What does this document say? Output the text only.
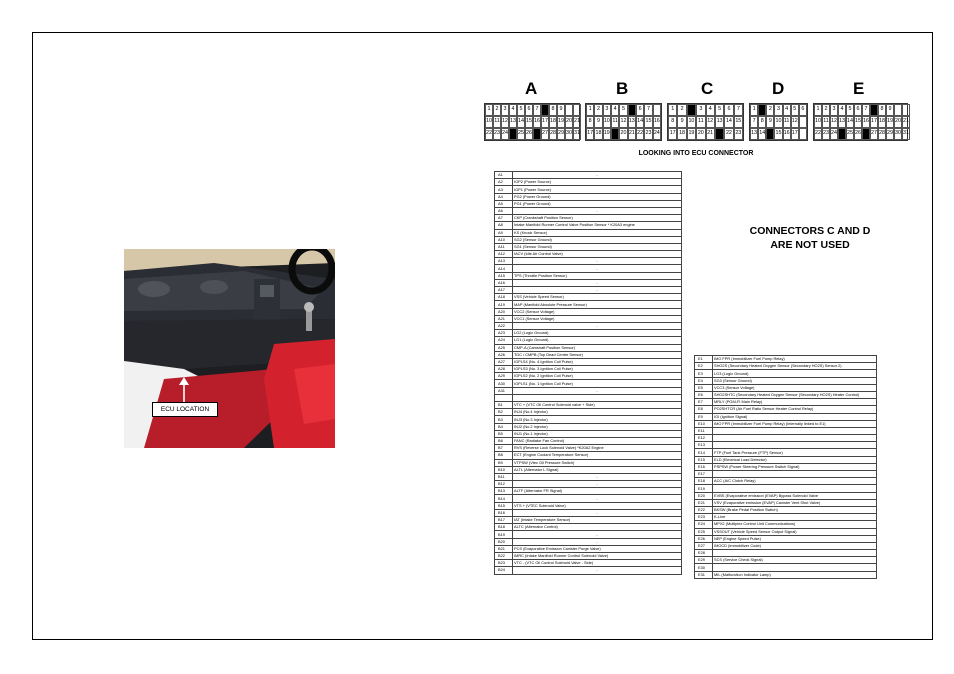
ECU LOCATION
A
1 2 3 4 5 6 7	8 9
10 11 12 13 14 15 16 17 18 19 20 21
22 23 24 25 26 27 28 29 30 31
B
1 2 3 4 5	6 7
8 9 10 11 12 13 14 15 16
17 18 19 20 21 22 23 24
C
1	2	3	4	5	6	7
8	9 10 11 12 13 14 15
17 18 19 20 21	22 23
D
1	2 3 4 5 6
7 8 9 10 11 12
13 14 15 16 17
E
1 2 3 4 5 6 7	8 9
10 11 12 13 14 15 16 17 18 19 20 21
22 23 24 25 26 27 28 29 30 31
LOOKING INTO ECU CONNECTOR
CONNECTORS C AND D
ARE NOT USED
A1	-
A2	IGP2 (Power Source)
A3	IGP1 (Power Source)
A4	PG2 (Power Ground)
A5	PG1 (Power Ground)
A6	-
A7	CKP (Crankshaft Position Sensor)
A8	Intake Manifold Runner Control Valve Position Sensor * K20A3 engine
A9	KS (Knock Sensor)
A10	SG2 (Sensor Ground)
A11	SG1 (Sensor Ground)
A12	IACV (Idle Air Control Valve)
A13	-
A14	-
A15	TPS (Throttle Position Sensor)
A16	-
A17	-
A18	VSS (Vehicle Speed Sensor)
A19	MAP (Manifold Absolute Pressure Sensor)
A20	VCC2 (Sensor Voltage)
A21	VCC1 (Sensor Voltage)
A22	-
A23	LG2 (Logic Ground)
A24	LG1 (Logic Ground)
A25	CMP-A (Camshaft Position Sensor)
A26	TDC / CMPB (Top Dead Centre Sensor)
A27	IGPLS4 (No. 4 Ignition Coil Pulse)
A28	IGPLS3 (No. 3 Ignition Coil Pulse)
A29	IGPLS2 (No. 2 Ignition Coil Pulse)
A30	IGPLS1 (No. 1 Ignition Coil Pulse)
A31	-

B1	VTC + (VTC Oil Control Solenoid valve + Side)
B2	INJ4 (No.4 Injector)
B3	INJ3 (No.3 Injector)
B4	INJ2 (No.2 Injector)
B5	INJ1 (No.1 Injector)
B6	FANC (Radiator Fan Control)
B7	RVS (Reverse Lock Solenoid Valve) *K20A2 Engine
B8	ECT (Engine Coolant Temperature Sensor)
B9	VTPSW (Vtec Oil Pressure Switch)
B10	ALTL (Alternator L Signal)
B11	-
B12	-
B13	ALTF (Alternator FR Signal)
B14	-
B15	VTS + (VTEC Solenoid Valve)
B16	-
B17	IAT (Intake Temperature Sensor)
B18	ALTC (Alternator Control)
B19	-
B20	-
B21	PCS (Evaporative Emission Canister Purge Valve)
B22	IMRC (Intake Manifold Runner Control Solenoid Valve)
B23	VTC - (VTC Oil Control Solenoid Valve - Side)
B24	-
E1	IMO FPR (Immobilizer Fuel Pump Relay)
E2	SHO2S (Secondary Heated Oxygen Sensor (Secondary HO2S) Sensor 2)
E3	LG3 (Logic Ground)
E4	SG3 (Sensor Ground)
E5	VCC3 (Sensor Voltage)
E6	SHO2SHTC (Secondary Heated Oxygen Sensor (Secondary HO2S) Heater Control)
E7	MRLY (PGM-FI Main Relay)
E8	PO2SHTCR (Air Fuel Ratio Sensor Heater Control Relay)
E9	IGI (Ignition Signal)
E10	IMO FPR (Immobilizer Fuel Pump Relay) (Internally linked to E1)
E11	
E12	
E13	
E14	FTP (Fuel Tank Pressure (FTP) Sensor)
E15	ELD (Electrical Load Detector)
E16	PSPSW (Power Steering Pressure Switch Signal)
E17	
E18	ACC (A/C Clutch Relay)
E19	
E20	EVBS (Evaporative emission (EVAP) Bypass Solenoid Valve
E21	VSV (Evaporative emission (EVAP) Canister Vent Shut Valve)
E22	BKSW (Brake Pedal Position Switch)
E23	K-Line
E24	MPX2 (Multiplex Control Unit Communications)
E25	VSSOUT (Vehicle Speed Sensor Output Signal)
E26	NEP (Engine Speed Pulse)
E27	IMOCD (Immobilizer Code)
E28	
E29	SCS (Service Check Signal)
E30	
E31	MIL (Malfunction Indicator Lamp)
